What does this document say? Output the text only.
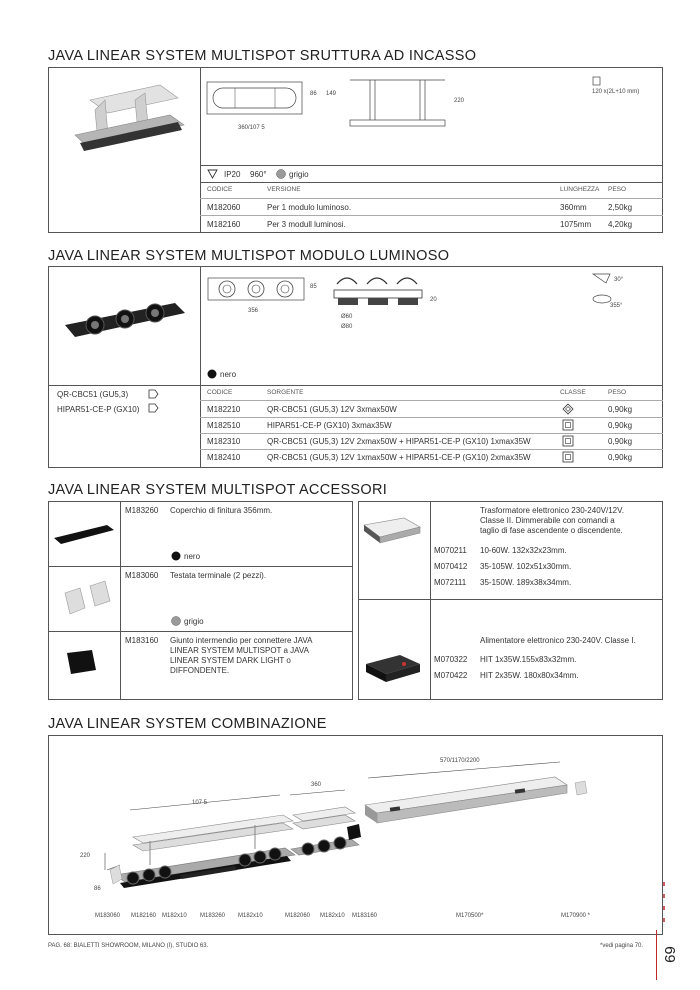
JAVA LINEAR SYSTEM MULTISPOT SRUTTURA AD INCASSO
86 149
360/107 5
220
120 x(2L+10 mm)
IP20 960°	grigio
CODICE	VERSIONE	LUNGHEZZA PESO
M182060	Per 1 modulo luminoso.	360mm	2,50kg
M182160	Per 3 modull luminosi.	1075mm 4,20kg
JAVA LINEAR SYSTEM MULTISPOT MODULO LUMINOSO
85
356
20
Ø60
Ø80
30°
355°
nero
QR-CBC51 (GU5,3)
HIPAR51-CE-P (GX10)
CODICE	SORGENTE	CLASSE	PESO
M182210	QR-CBC51 (GU5,3) 12V 3xmax50W	0,90kg
M182510	HIPAR51-CE-P (GX10) 3xmax35W	0,90kg
M182310	QR-CBC51 (GU5,3) 12V 2xmax50W + HIPAR51-CE-P (GX10) 1xmax35W	0,90kg
M182410	QR-CBC51 (GU5,3) 12V 1xmax50W + HIPAR51-CE-P (GX10) 2xmax35W	0,90kg
JAVA LINEAR SYSTEM MULTISPOT ACCESSORI
M183260 Coperchio di finitura 356mm.
nero
M183060 Testata terminale (2 pezzi).
grigio
M183160 Giunto intermendio per connettere JAVA
LINEAR SYSTEM MULTISPOT a JAVA
LINEAR SYSTEM DARK LIGHT o
DIFFONDENTE.
Trasformatore elettronico 230-240V/12V.
Classe II. Dimmerabile con comandi a
taglio di fase ascendente o discendente.
M070211 10-60W. 132x32x23mm.
M070412 35-105W. 102x51x30mm.
M072111 35-150W. 189x38x34mm.
Alimentatore elettronico 230-240V. Classe I.
M070322 HIT 1x35W.155x83x32mm.
M070422 HIT 2x35W. 180x80x34mm.
JAVA LINEAR SYSTEM COMBINAZIONE
107 5
360
570/1170/2200
220
86
M183060 M182160 M182x10 M183260 M182x10	M182060 M182x10 M183160	M170500*	M170900 *
PAG. 68: BIALETTI SHOWROOM, MILANO (I), STUDIO 63.	*vedi pagina 70.
69
